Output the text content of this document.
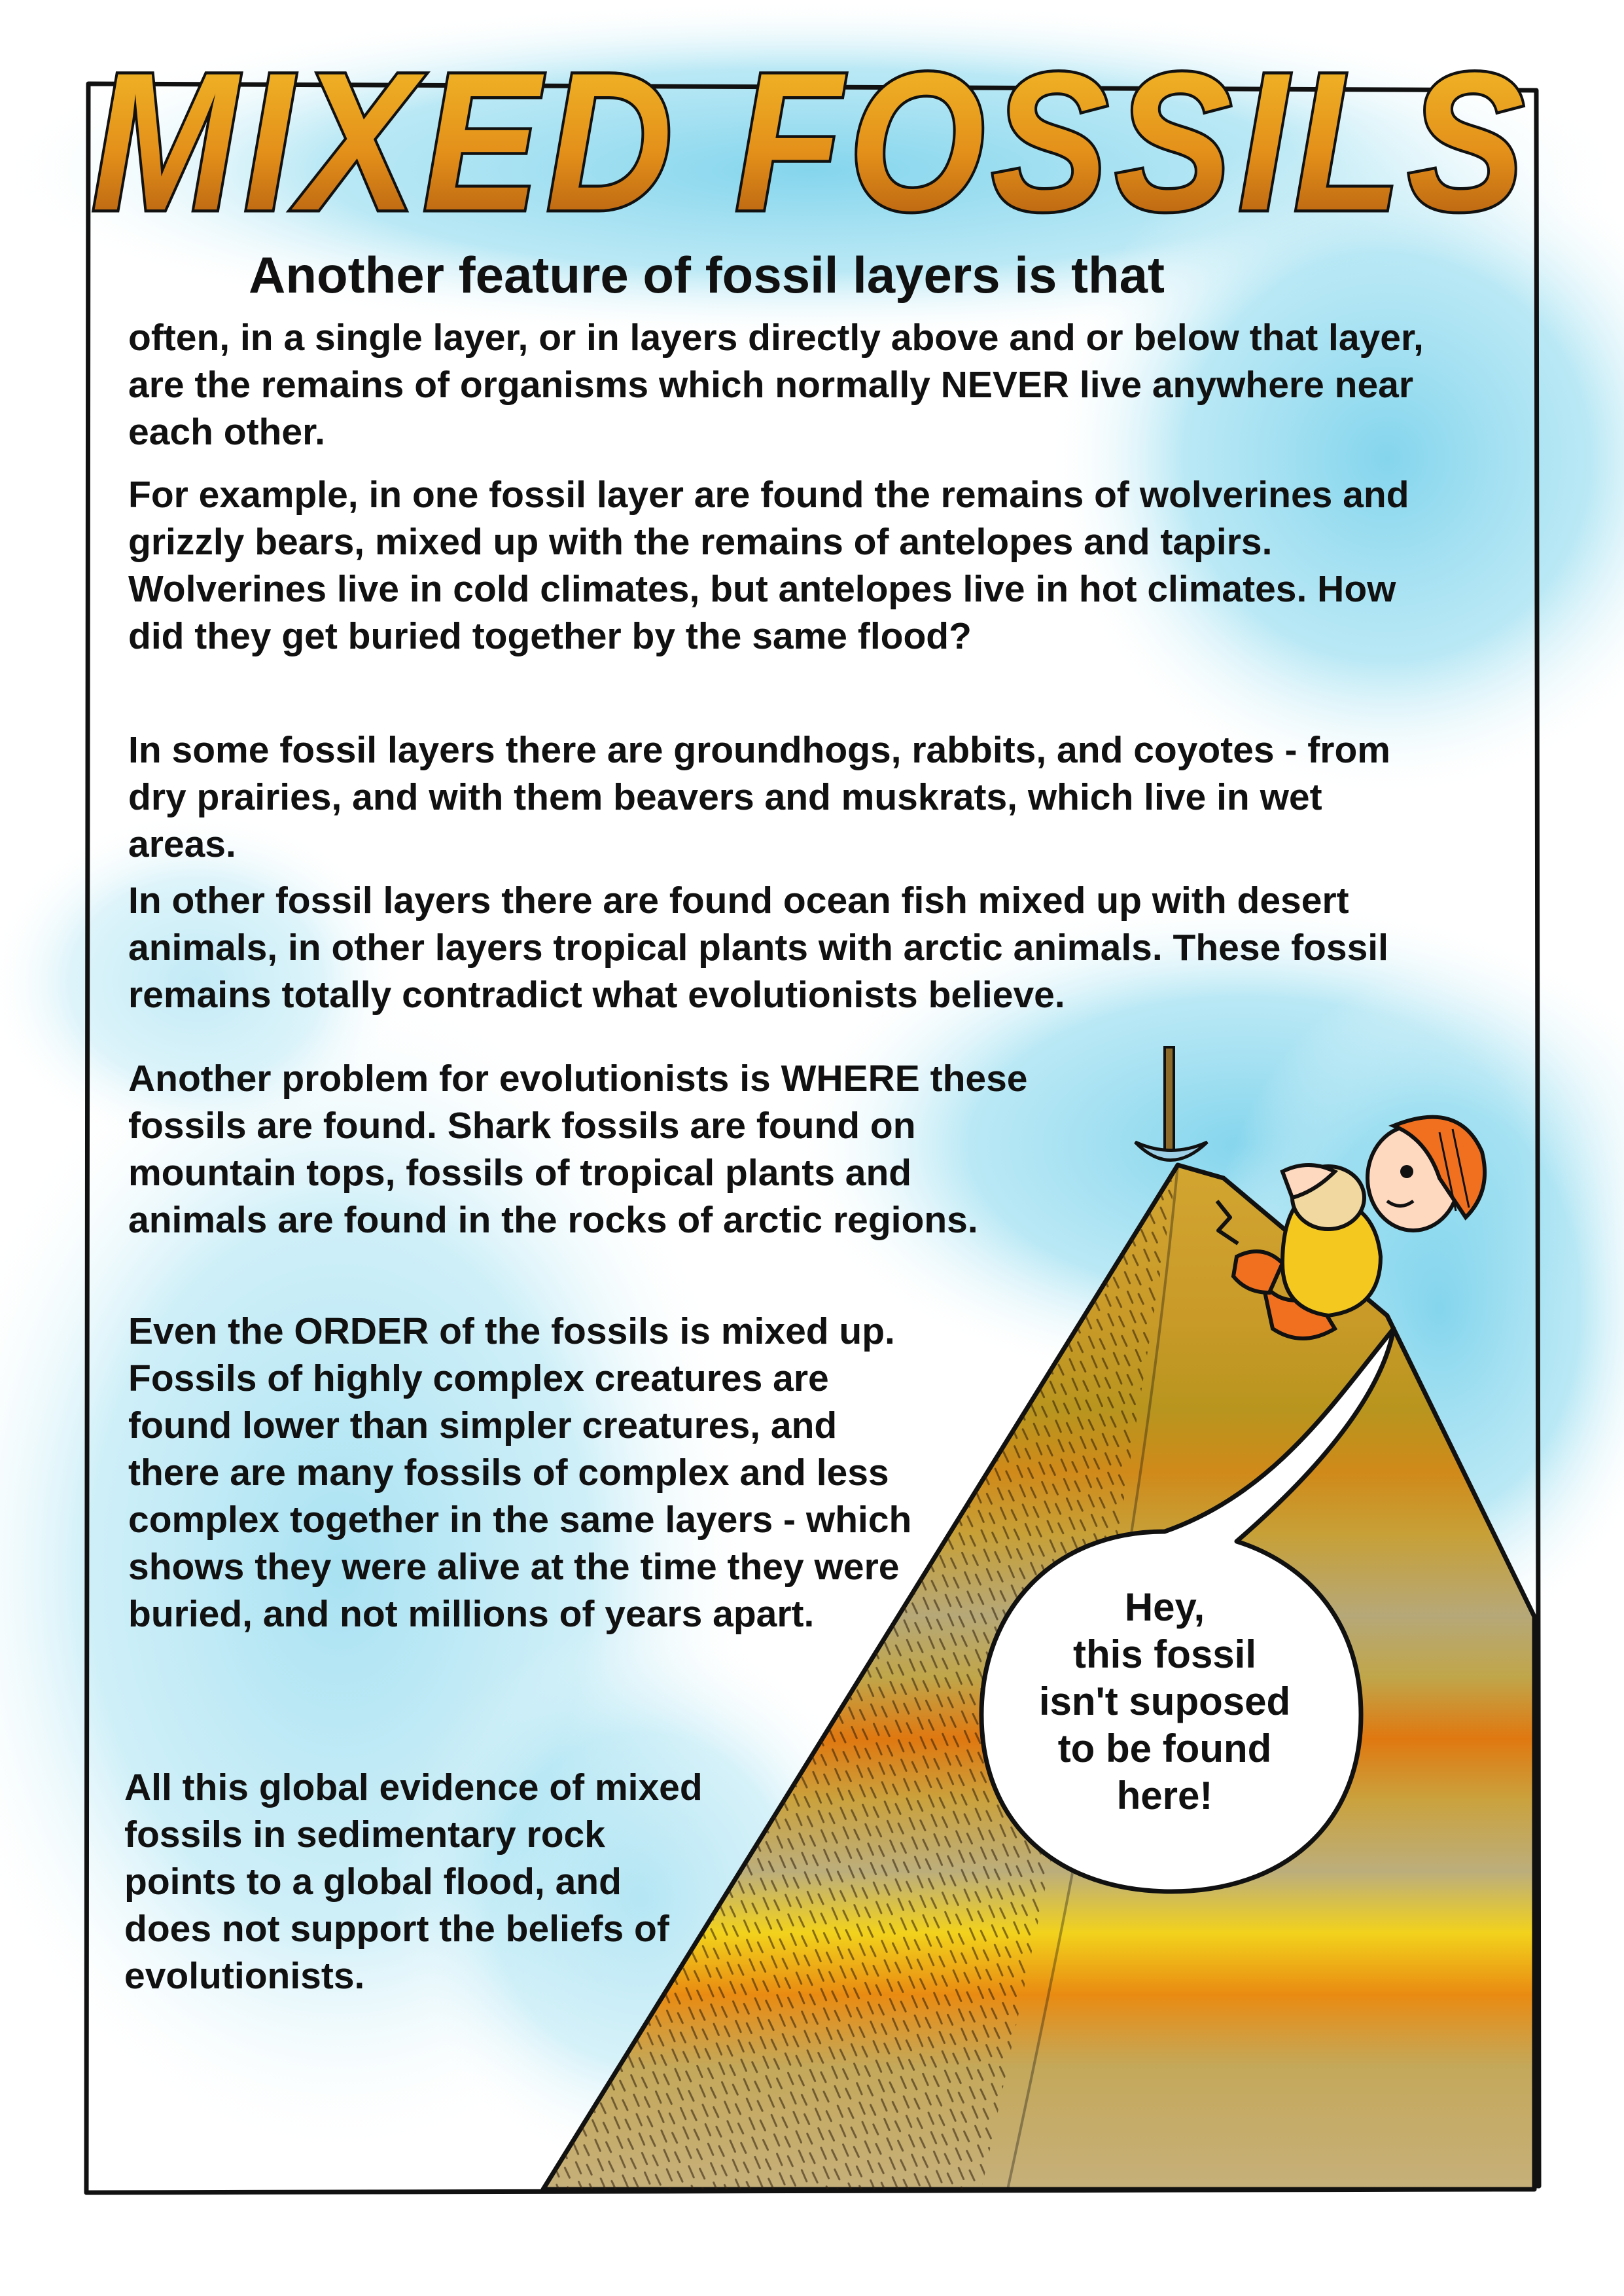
MIXED FOSSILS
Another feature of fossil layers is that

often, in a single layer, or in layers directly above and or below that layer, are the remains of organisms which normally NEVER live anywhere near each other.

For example, in one fossil layer are found the remains of wolverines and grizzly bears, mixed up with the remains of antelopes and tapirs. Wolverines live in cold climates, but antelopes live in hot climates. How did they get buried together by the same flood?

In some fossil layers there are groundhogs, rabbits, and coyotes - from dry prairies, and with them beavers and muskrats, which live in wet areas.

In other fossil layers there are found ocean fish mixed up with desert animals, in other layers tropical plants with arctic animals. These fossil remains totally contradict what evolutionists believe.

Another problem for evolutionists is WHERE these fossils are found. Shark fossils are found on mountain tops, fossils of tropical plants and animals are found in the rocks of arctic regions.

Even the ORDER of the fossils is mixed up. Fossils of highly complex creatures are found lower than simpler creatures, and there are many fossils of complex and less complex together in the same layers - which shows they were alive at the time they were buried, and not millions of years apart.

All this global evidence of mixed fossils in sedimentary rock points to a global flood, and does not support the beliefs of evolutionists.

Hey,
this fossil
isn't suposed
to be found
here!
